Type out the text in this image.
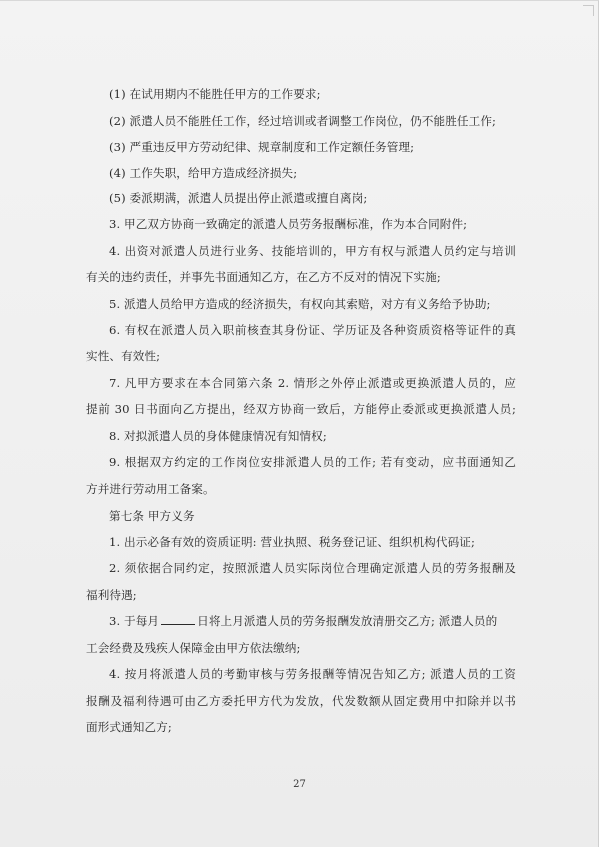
(1) 在试用期内不能胜任甲方的工作要求;
(2) 派遣人员不能胜任工作，经过培训或者调整工作岗位，仍不能胜任工作;
(3) 严重违反甲方劳动纪律、规章制度和工作定额任务管理;
(4) 工作失职，给甲方造成经济损失;
(5) 委派期满，派遣人员提出停止派遣或擅自离岗;
3. 甲乙双方协商一致确定的派遣人员劳务报酬标准，作为本合同附件;
4. 出资对派遣人员进行业务、技能培训的，甲方有权与派遣人员约定与培训
有关的违约责任，并事先书面通知乙方，在乙方不反对的情况下实施;
5. 派遣人员给甲方造成的经济损失，有权向其索赔，对方有义务给予协助;
6. 有权在派遣人员入职前核查其身份证、学历证及各种资质资格等证件的真
实性、有效性;
7. 凡甲方要求在本合同第六条 2. 情形之外停止派遣或更换派遣人员的，应
提前 30 日书面向乙方提出，经双方协商一致后，方能停止委派或更换派遣人员;
8. 对拟派遣人员的身体健康情况有知情权;
9. 根据双方约定的工作岗位安排派遣人员的工作; 若有变动，应书面通知乙
方并进行劳动用工备案。
第七条 甲方义务
1. 出示必备有效的资质证明: 营业执照、税务登记证、组织机构代码证;
2. 须依据合同约定，按照派遣人员实际岗位合理确定派遣人员的劳务报酬及
福利待遇;
3. 于每月	日将上月派遣人员的劳务报酬发放清册交乙方; 派遣人员的
工会经费及残疾人保障金由甲方依法缴纳;
4. 按月将派遣人员的考勤审核与劳务报酬等情况告知乙方; 派遣人员的工资
报酬及福利待遇可由乙方委托甲方代为发放，代发数额从固定费用中扣除并以书
面形式通知乙方;
27
